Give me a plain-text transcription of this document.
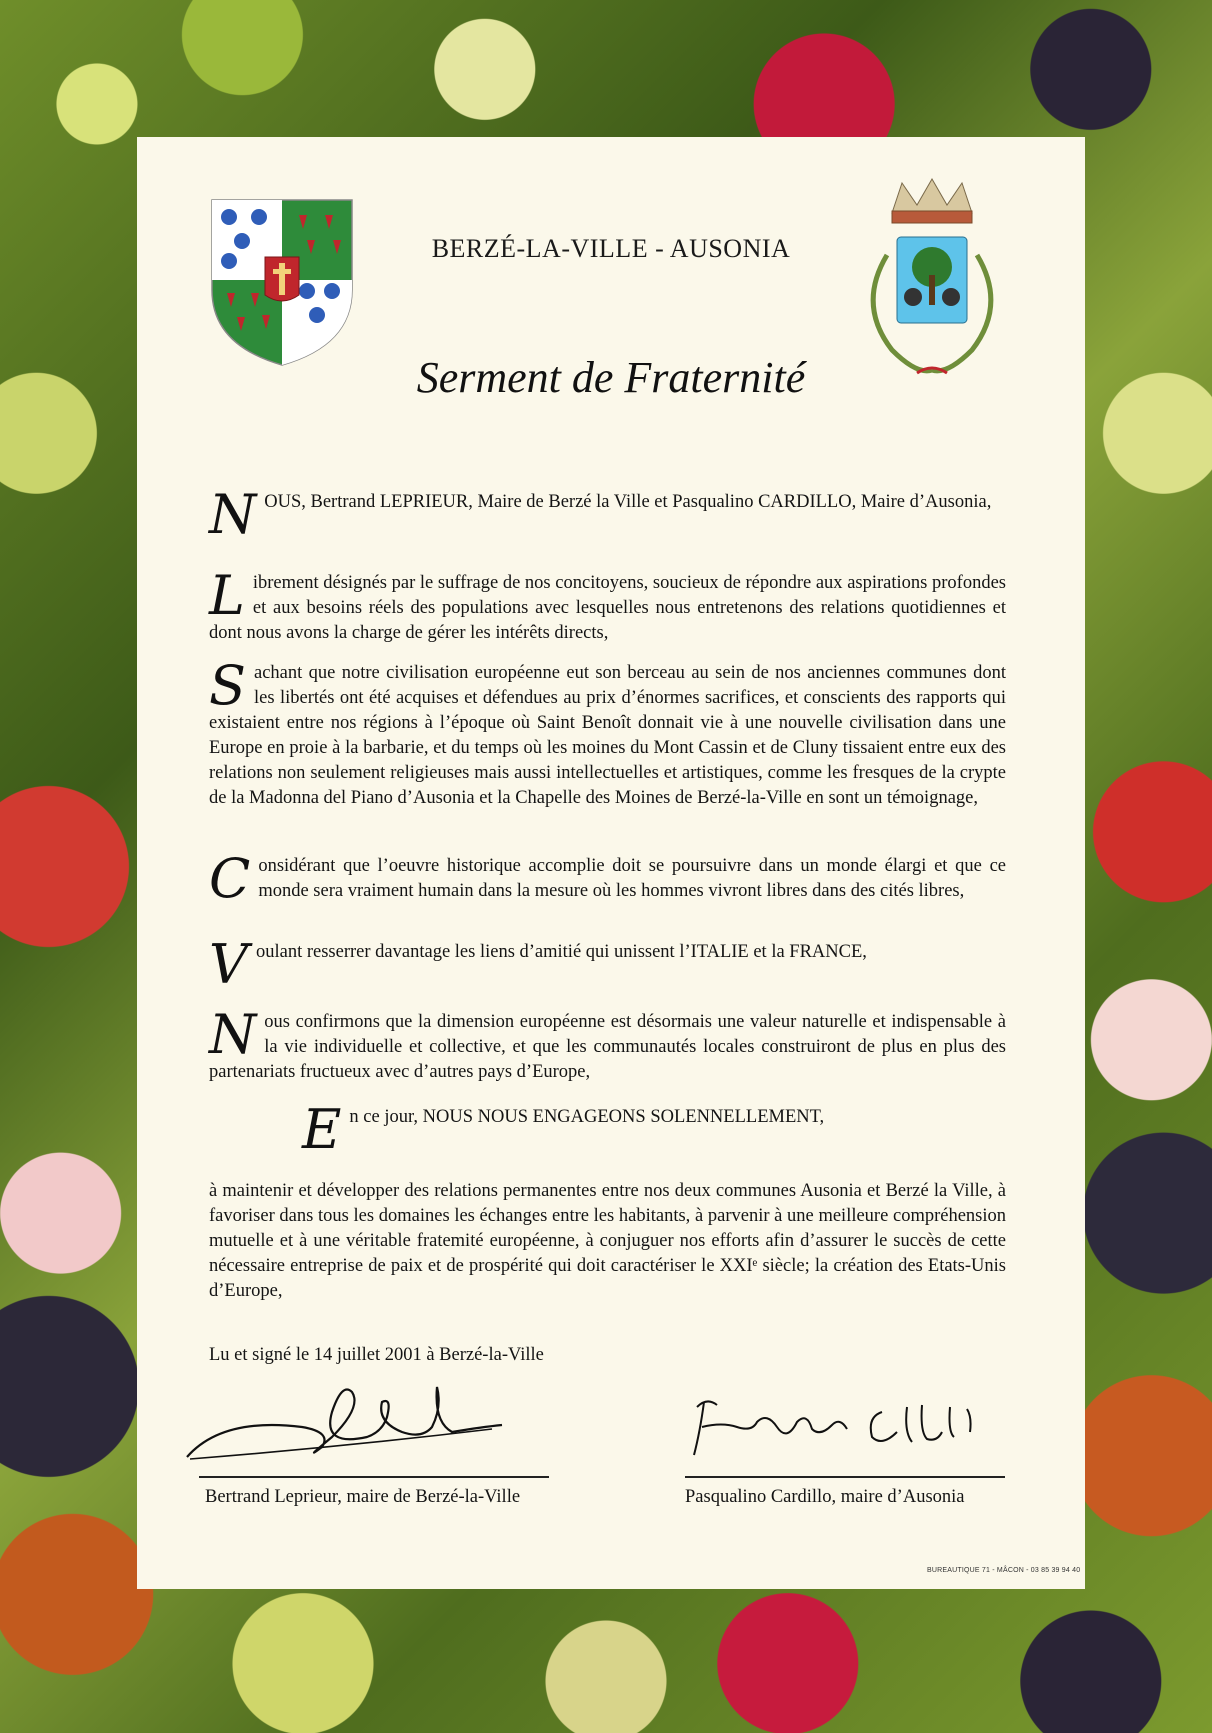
BERZÉ-LA-VILLE - AUSONIA
Serment de Fraternité
NOUS, Bertrand LEPRIEUR, Maire de Berzé la Ville et Pasqualino CARDILLO, Maire d’Ausonia,
Librement désignés par le suffrage de nos concitoyens, soucieux de répondre aux aspirations profondes et aux besoins réels des populations avec lesquelles nous entretenons des relations quotidiennes et dont nous avons la charge de gérer les intérêts directs,
Sachant que notre civilisation européenne eut son berceau au sein de nos anciennes communes dont les libertés ont été acquises et défendues au prix d’énormes sacrifices, et conscients des rapports qui existaient entre nos régions à l’époque où Saint Benoît donnait vie à une nouvelle civilisation dans une Europe en proie à la barbarie, et du temps où les moines du Mont Cassin et de Cluny tissaient entre eux des relations non seulement religieuses mais aussi intellectuelles et artistiques, comme les fresques de la crypte de la Madonna del Piano d’Ausonia et la Chapelle des Moines de Berzé-la-Ville en sont un témoignage,
Considérant que l’oeuvre historique accomplie doit se poursuivre dans un monde élargi et que ce monde sera vraiment humain dans la mesure où les hommes vivront libres dans des cités libres,
Voulant resserrer davantage les liens d’amitié qui unissent l’ITALIE et la FRANCE,
Nous confirmons que la dimension européenne est désormais une valeur naturelle et indispensable à la vie individuelle et collective, et que les communautés locales construiront de plus en plus des partenariats fructueux avec d’autres pays d’Europe,
En ce jour, NOUS NOUS ENGAGEONS SOLENNELLEMENT,
à maintenir et développer des relations permanentes entre nos deux communes Ausonia et Berzé la Ville, à favoriser dans tous les domaines les échanges entre les habitants, à parvenir à une meilleure compréhension mutuelle et à une véritable fratemité européenne, à conjuguer nos efforts afin d’assurer le succès de cette nécessaire entreprise de paix et de prospérité qui doit caractériser le XXIᵉ siècle; la création des Etats-Unis d’Europe,
Lu et signé le 14 juillet 2001 à Berzé-la-Ville
Bertrand Leprieur, maire de Berzé-la-Ville	Pasqualino Cardillo, maire d’Ausonia
BUREAUTIQUE 71 - MÂCON - 03 85 39 94 40
